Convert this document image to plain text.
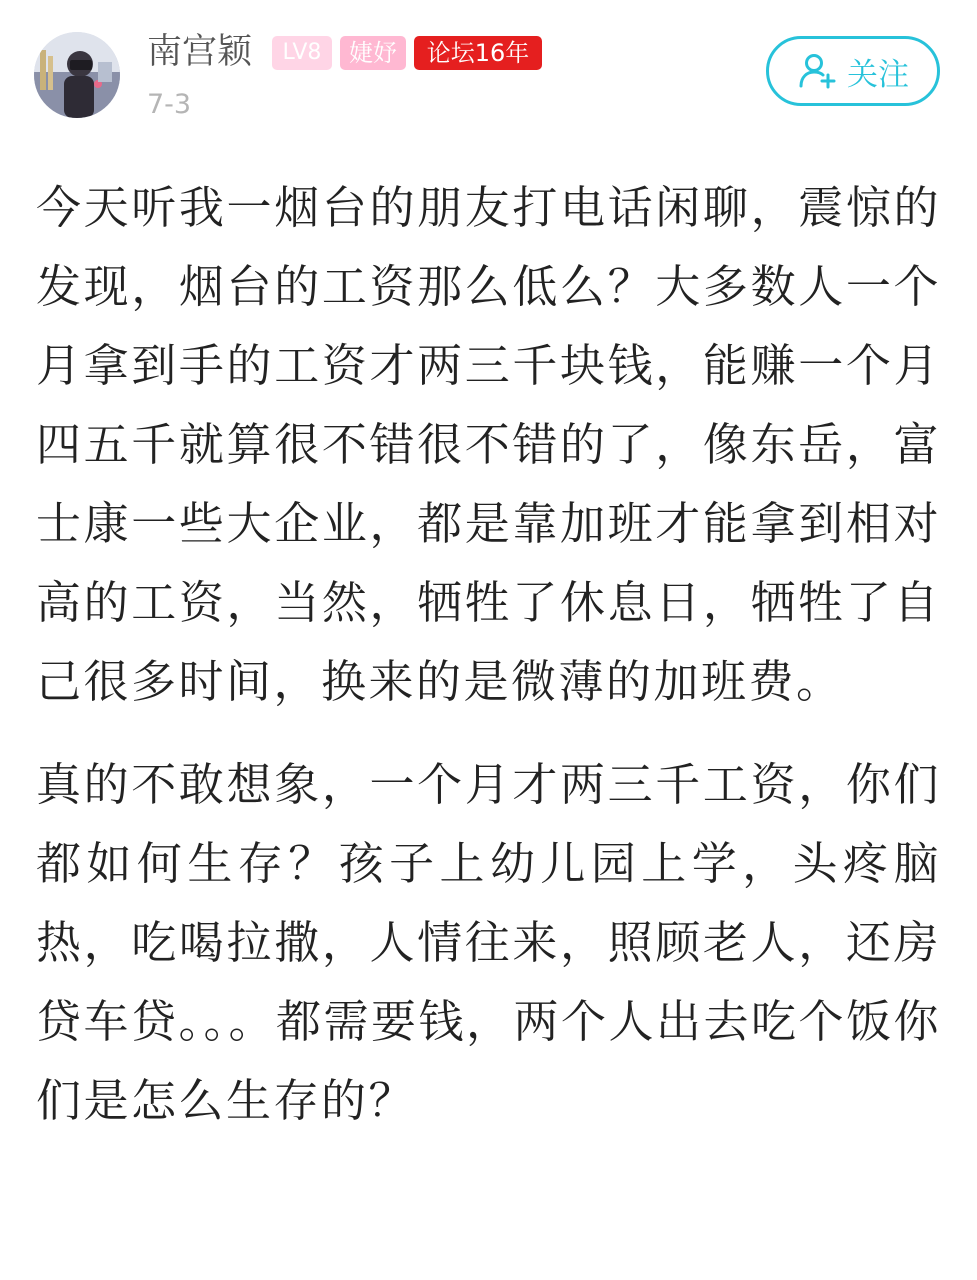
南宫颖	LV8	婕妤	论坛16年
7-3
关注

今天听我一烟台的朋友打电话闲聊，震惊的发现，烟台的工资那么低么？大多数人一个月拿到手的工资才两三千块钱，能赚一个月四五千就算很不错很不错的了，像东岳，富士康一些大企业，都是靠加班才能拿到相对高的工资，当然，牺牲了休息日，牺牲了自己很多时间，换来的是微薄的加班费。

真的不敢想象，一个月才两三千工资，你们都如何生存？孩子上幼儿园上学，头疼脑热，吃喝拉撒，人情往来，照顾老人，还房贷车贷。。。都需要钱，两个人出去吃个饭你们是怎么生存的？
